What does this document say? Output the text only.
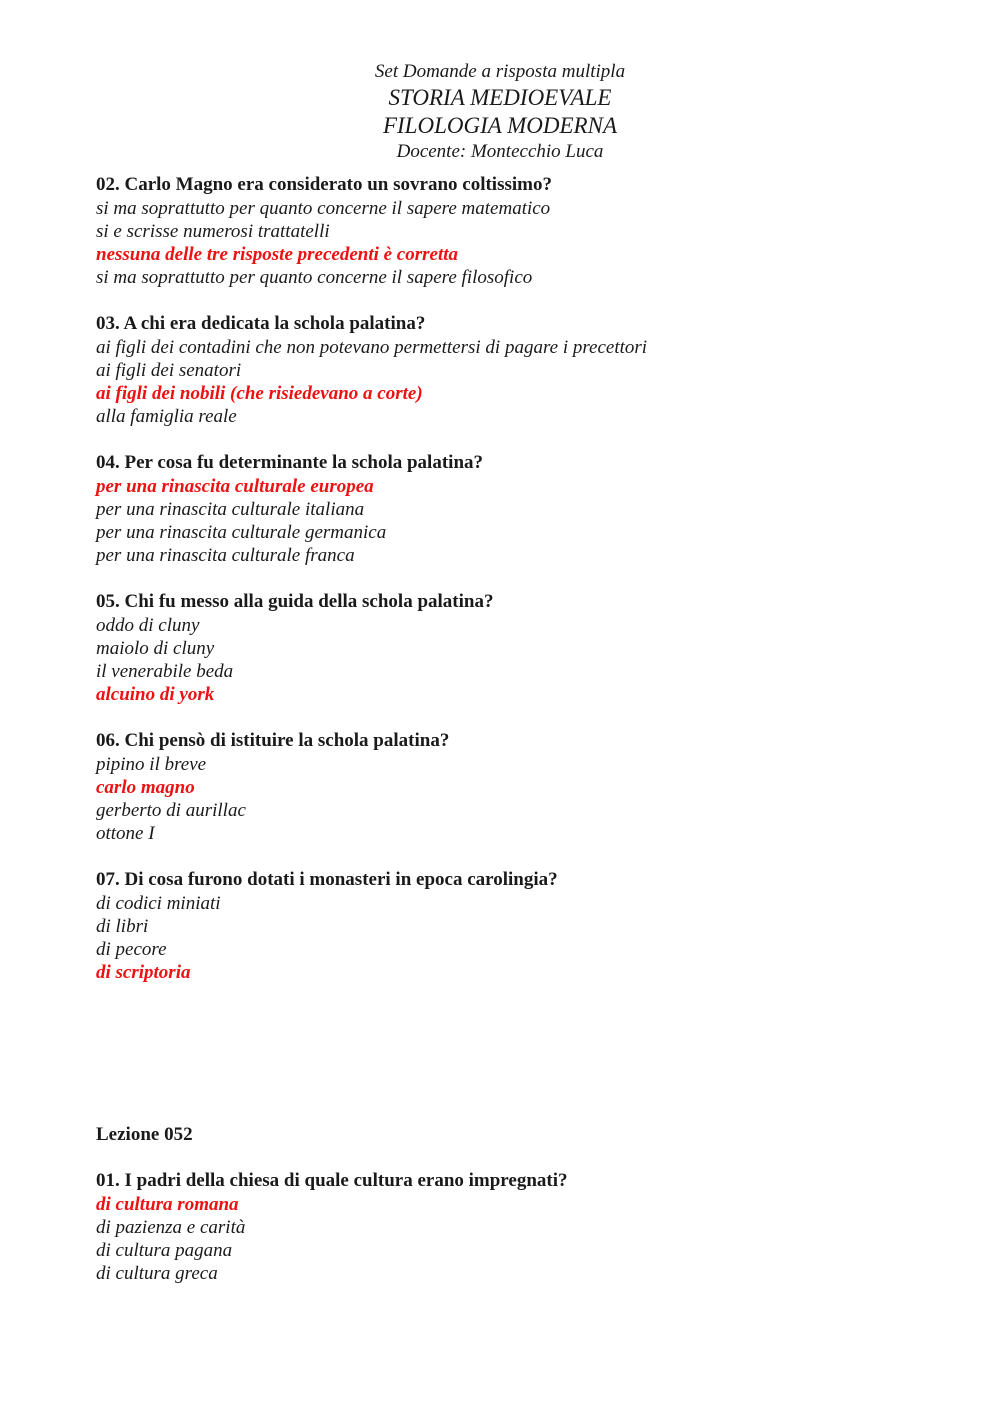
Set Domande a risposta multipla
STORIA MEDIOEVALE
FILOLOGIA MODERNA
Docente: Montecchio Luca
02. Carlo Magno era considerato un sovrano coltissimo?
si ma soprattutto per quanto concerne il sapere matematico
si e scrisse numerosi trattatelli
nessuna delle tre risposte precedenti è corretta
si ma soprattutto per quanto concerne il sapere filosofico
03. A chi era dedicata la schola palatina?
ai figli dei contadini che non potevano permettersi di pagare i precettori
ai figli dei senatori
ai figli dei nobili (che risiedevano a corte)
alla famiglia reale
04. Per cosa fu determinante la schola palatina?
per una rinascita culturale europea
per una rinascita culturale italiana
per una rinascita culturale germanica
per una rinascita culturale franca
05. Chi fu messo alla guida della schola palatina?
oddo di cluny
maiolo di cluny
il venerabile beda
alcuino di york
06. Chi pensò di istituire la schola palatina?
pipino il breve
carlo magno
gerberto di aurillac
ottone I
07. Di cosa furono dotati i monasteri in epoca carolingia?
di codici miniati
di libri
di pecore
di scriptoria
Lezione 052
01. I padri della chiesa di quale cultura erano impregnati?
di cultura romana
di pazienza e carità
di cultura pagana
di cultura greca
